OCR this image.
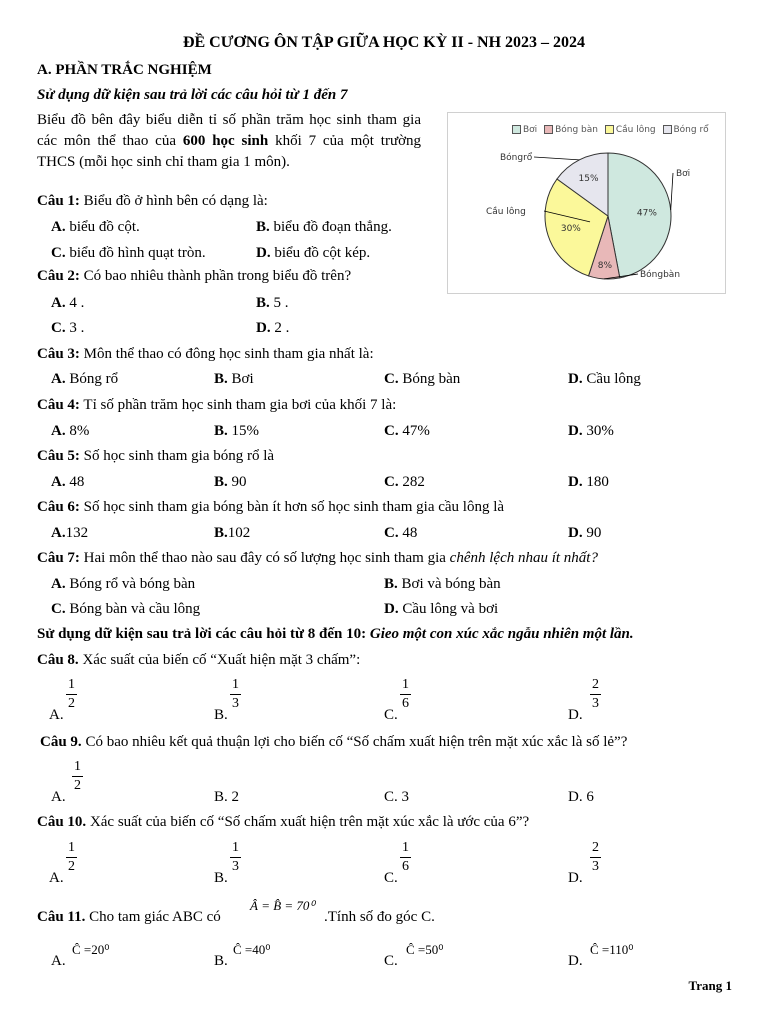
ĐỀ CƯƠNG ÔN TẬP GIỮA HỌC KỲ II - NH 2023 – 2024
A. PHẦN TRẮC NGHIỆM
Sử dụng dữ kiện sau trả lời các câu hỏi từ 1 đến 7
Biểu đồ bên đây biểu diễn tỉ số phần trăm học sinh tham gia các môn thể thao của 600 học sinh khối 7 của một trường THCS (mỗi học sinh chỉ tham gia 1 môn).
Bơi Bóng bàn Cầu lông Bóng rổ
47%
8%
30%
15%	Bơi
Bóngbàn
Cầu lông
Bóngrổ
Câu 1: Biểu đồ ở hình bên có dạng là:
A. biểu đồ cột.	B. biểu đồ đoạn thẳng.
C. biểu đồ hình quạt tròn.	D. biểu đồ cột kép.
Câu 2: Có bao nhiêu thành phần trong biểu đồ trên?
A. 4 .	B. 5 .
C. 3 .	D. 2 .
Câu 3: Môn thể thao có đông học sinh tham gia nhất là:
A. Bóng rổ	B. Bơi	C. Bóng bàn	D. Cầu lông
Câu 4: Tỉ số phần trăm học sinh tham gia bơi của khối 7 là:
A. 8%	B. 15%	C. 47%	D. 30%
Câu 5: Số học sinh tham gia bóng rổ là
A. 48	B. 90	C. 282	D. 180
Câu 6: Số học sinh tham gia bóng bàn ít hơn số học sinh tham gia cầu lông là
A.132	B.102	C. 48	D. 90
Câu 7: Hai môn thể thao nào sau đây có số lượng học sinh tham gia chênh lệch nhau ít nhất?
A. Bóng rổ và bóng bàn	B. Bơi và bóng bàn
C. Bóng bàn và cầu lông	D. Cầu lông và bơi
Sử dụng dữ kiện sau trả lời các câu hỏi từ 8 đến 10: Gieo một con xúc xắc ngẫu nhiên một lần.
Câu 8. Xác suất của biến cố “Xuất hiện mặt 3 chấm”:
A.
$\frac{1}{2}$
B.
$\frac{1}{3}$
C.
$\frac{1}{6}$
D.
$\frac{2}{3}$
Câu 9. Có bao nhiêu kết quả thuận lợi cho biến cố “Số chấm xuất hiện trên mặt xúc xắc là số lẻ”?
A.
$\frac{1}{2}$
B. 2	C. 3	D. 6
Câu 10. Xác suất của biến cố “Số chấm xuất hiện trên mặt xúc xắc là ước của 6”?
A.
$\frac{1}{2}$
B.
$\frac{1}{3}$
C.
$\frac{1}{6}$
D.
$\frac{2}{3}$
Câu 11. Cho tam giác ABC có
Â = B̂ = 70⁰
.Tính số đo góc C.
A.
Ĉ =20⁰
B.
Ĉ =40⁰
C.
Ĉ =50⁰
D.
Ĉ =110⁰
Trang 1
